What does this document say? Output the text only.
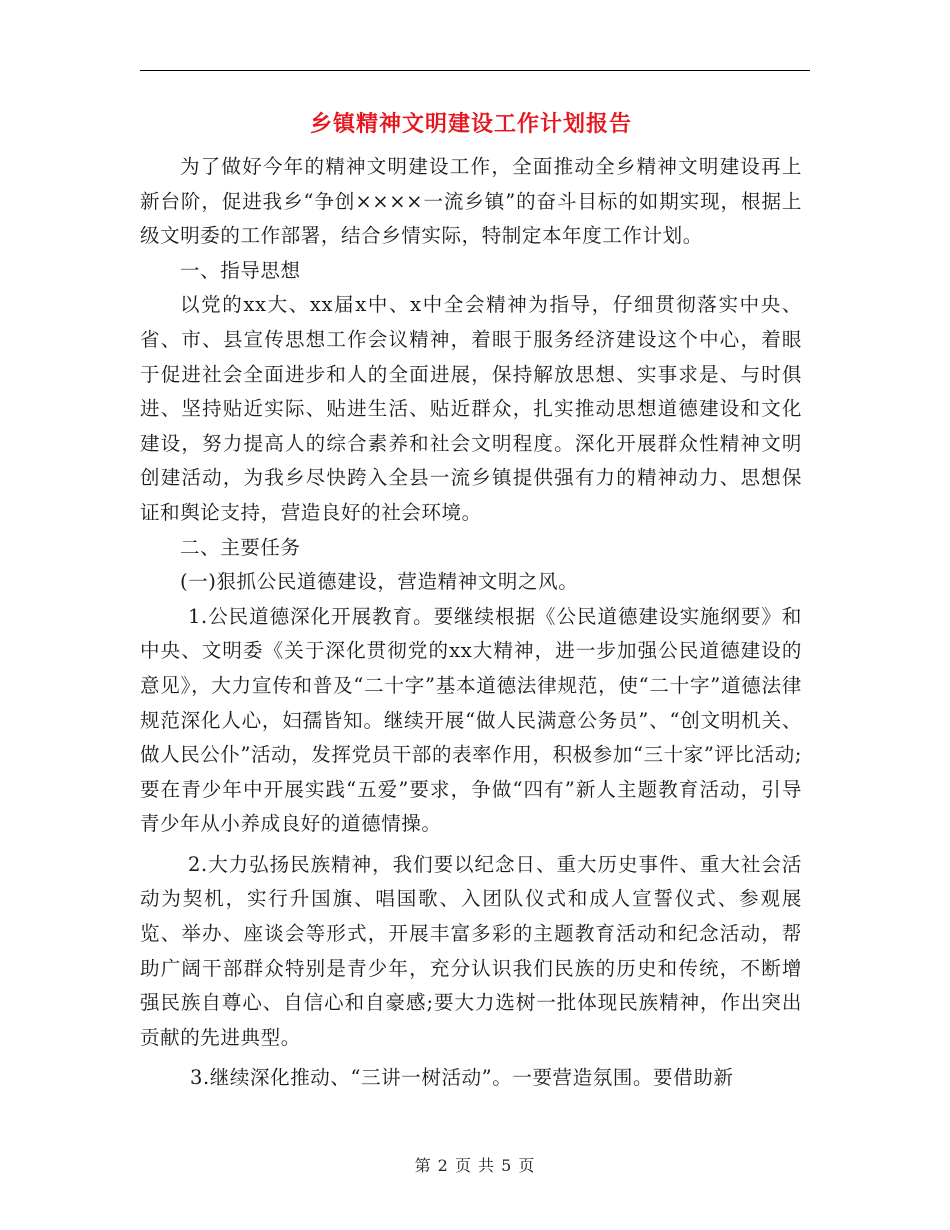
乡镇精神文明建设工作计划报告

为了做好今年的精神文明建设工作，全面推动全乡精神文明建设再上新台阶，促进我乡“争创××××一流乡镇”的奋斗目标的如期实现，根据上级文明委的工作部署，结合乡情实际，特制定本年度工作计划。

一、指导思想

以党的xx大、xx届x中、x中全会精神为指导，仔细贯彻落实中央、省、市、县宣传思想工作会议精神，着眼于服务经济建设这个中心，着眼于促进社会全面进步和人的全面进展，保持解放思想、实事求是、与时俱进、坚持贴近实际、贴进生活、贴近群众，扎实推动思想道德建设和文化建设，努力提高人的综合素养和社会文明程度。深化开展群众性精神文明创建活动，为我乡尽快跨入全县一流乡镇提供强有力的精神动力、思想保证和舆论支持，营造良好的社会环境。

二、主要任务

(一)狠抓公民道德建设，营造精神文明之风。

1.公民道德深化开展教育。要继续根据《公民道德建设实施纲要》和中央、文明委《关于深化贯彻党的xx大精神，进一步加强公民道德建设的意见》，大力宣传和普及“二十字”基本道德法律规范，使“二十字”道德法律规范深化人心，妇孺皆知。继续开展“做人民满意公务员”、“创文明机关、做人民公仆”活动，发挥党员干部的表率作用，积极参加“三十家”评比活动;要在青少年中开展实践“五爱”要求，争做“四有”新人主题教育活动，引导青少年从小养成良好的道德情操。

2.大力弘扬民族精神，我们要以纪念日、重大历史事件、重大社会活动为契机，实行升国旗、唱国歌、入团队仪式和成人宣誓仪式、参观展览、举办、座谈会等形式，开展丰富多彩的主题教育活动和纪念活动，帮助广阔干部群众特别是青少年，充分认识我们民族的历史和传统，不断增强民族自尊心、自信心和自豪感;要大力选树一批体现民族精神，作出突出贡献的先进典型。

3.继续深化推动、“三讲一树活动”。一要营造氛围。要借助新

第 2 页 共 5 页
